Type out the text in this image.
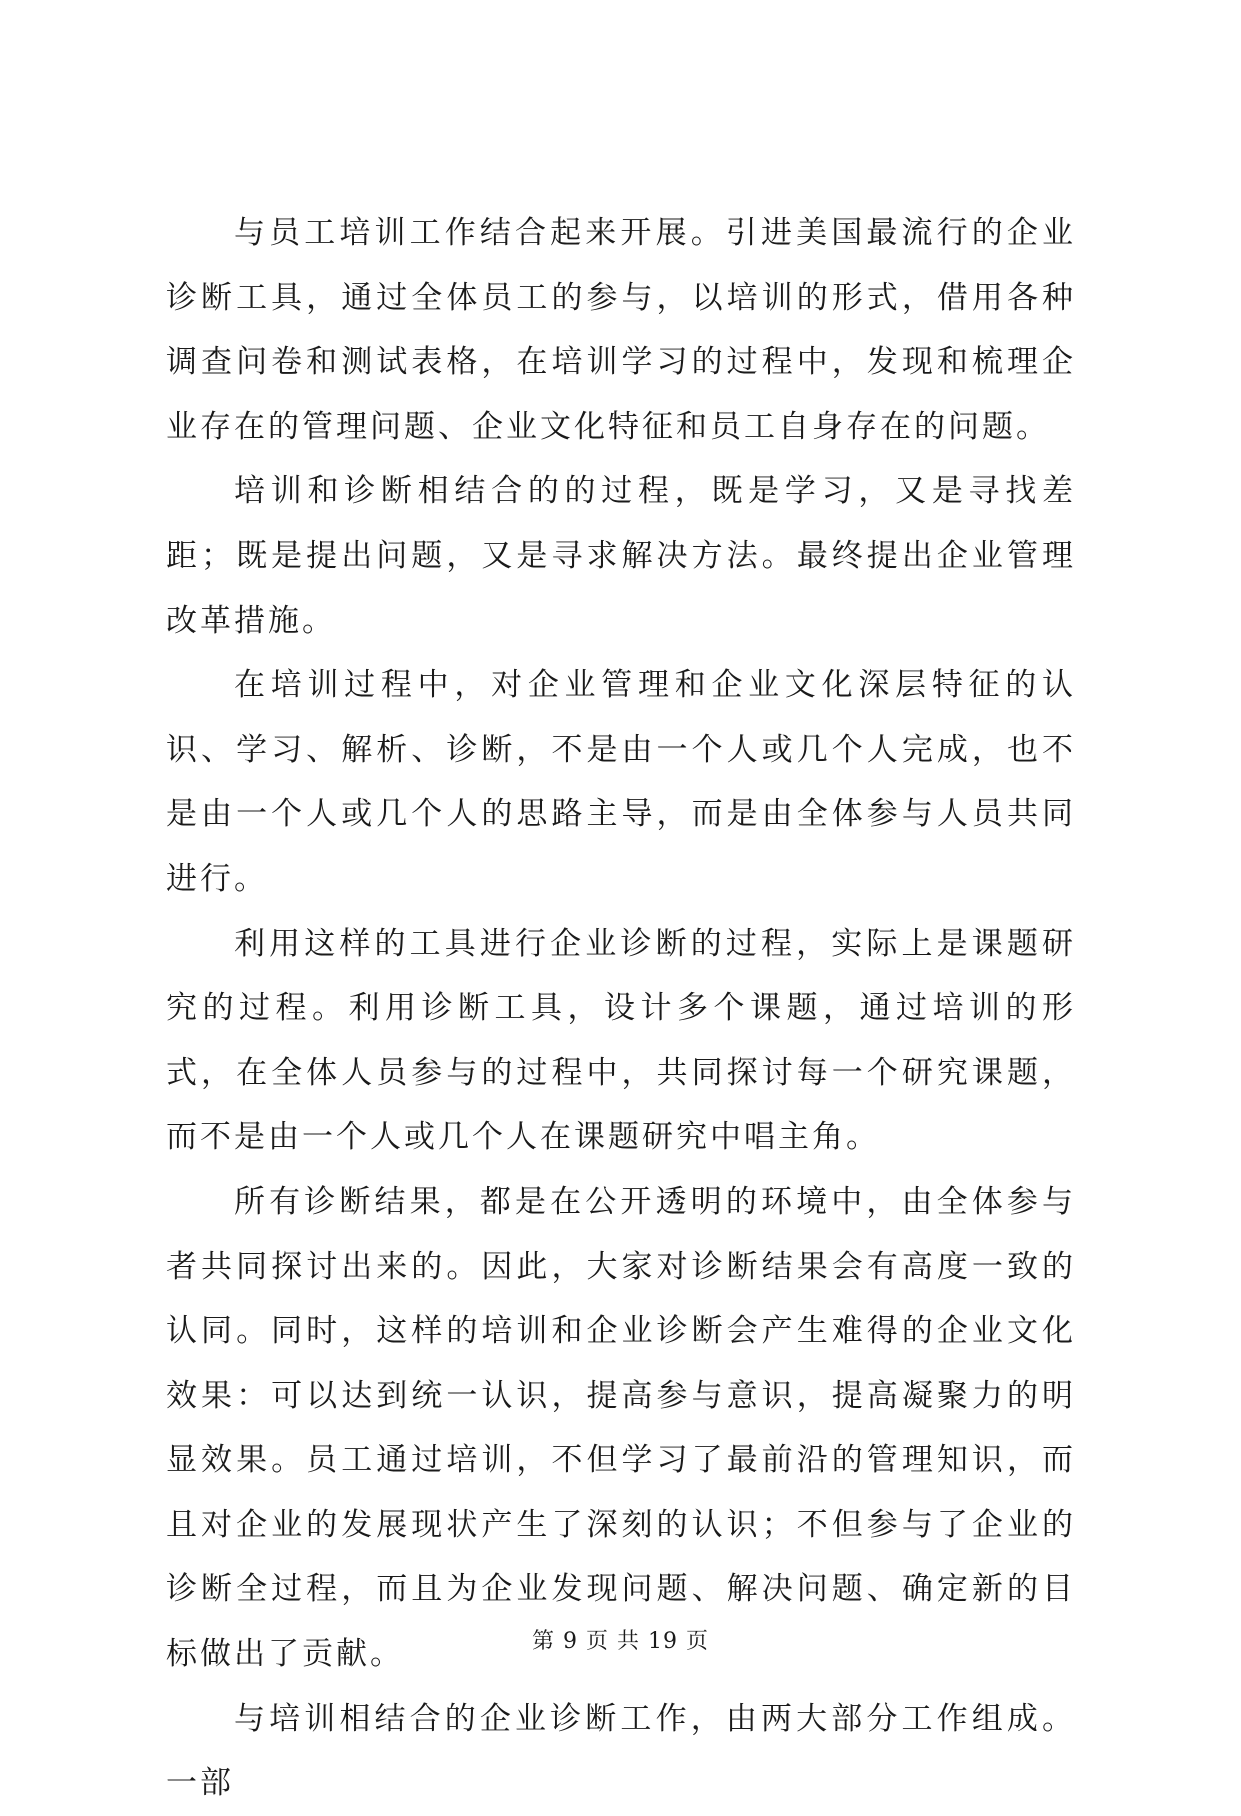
与员工培训工作结合起来开展。引进美国最流行的企业诊断工具，通过全体员工的参与，以培训的形式，借用各种调查问卷和测试表格，在培训学习的过程中，发现和梳理企业存在的管理问题、企业文化特征和员工自身存在的问题。

培训和诊断相结合的的过程，既是学习，又是寻找差距；既是提出问题，又是寻求解决方法。最终提出企业管理改革措施。

在培训过程中，对企业管理和企业文化深层特征的认识、学习、解析、诊断，不是由一个人或几个人完成，也不是由一个人或几个人的思路主导，而是由全体参与人员共同进行。

利用这样的工具进行企业诊断的过程，实际上是课题研究的过程。利用诊断工具，设计多个课题，通过培训的形式，在全体人员参与的过程中，共同探讨每一个研究课题，而不是由一个人或几个人在课题研究中唱主角。

所有诊断结果，都是在公开透明的环境中，由全体参与者共同探讨出来的。因此，大家对诊断结果会有高度一致的认同。同时，这样的培训和企业诊断会产生难得的企业文化效果：可以达到统一认识，提高参与意识，提高凝聚力的明显效果。员工通过培训，不但学习了最前沿的管理知识，而且对企业的发展现状产生了深刻的认识；不但参与了企业的诊断全过程，而且为企业发现问题、解决问题、确定新的目标做出了贡献。

与培训相结合的企业诊断工作，由两大部分工作组成。一部

第 9 页 共 19 页
